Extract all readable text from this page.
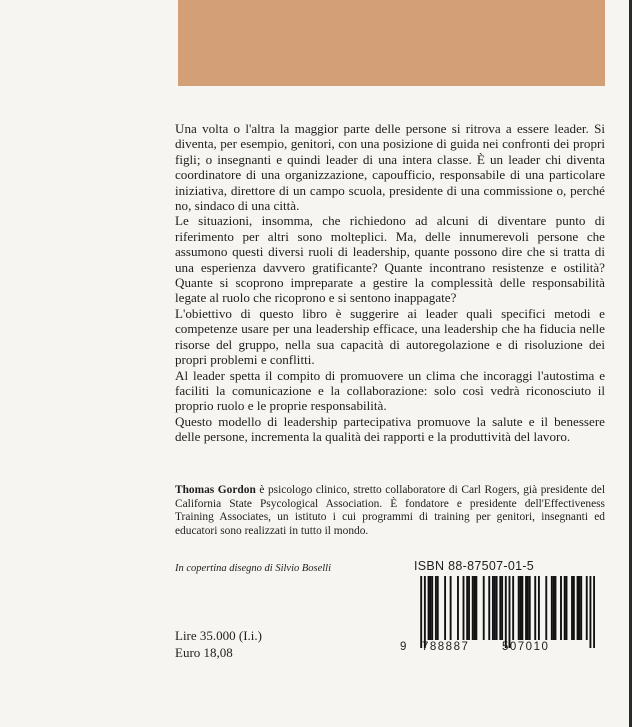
Una volta o l'altra la maggior parte delle persone si ritrova a essere leader. Si diventa, per esempio, genitori, con una posizione di guida nei confronti dei propri figli; o insegnanti e quindi leader di una intera classe. È un leader chi diventa coordinatore di una organizzazione, capoufficio, responsabile di una particolare iniziativa, direttore di un campo scuola, presidente di una commissione o, perché no, sindaco di una città.

Le situazioni, insomma, che richiedono ad alcuni di diventare punto di riferimento per altri sono molteplici. Ma, delle innumerevoli persone che assumono questi diversi ruoli di leadership, quante possono dire che si tratta di una esperienza davvero gratificante? Quante incontrano resistenze e ostilità? Quante si scoprono impreparate a gestire la complessità delle responsabilità legate al ruolo che ricoprono e si sentono inappagate?

L'obiettivo di questo libro è suggerire ai leader quali specifici metodi e competenze usare per una leadership efficace, una leadership che ha fiducia nelle risorse del gruppo, nella sua capacità di autoregolazione e di risoluzione dei propri problemi e conflitti.

Al leader spetta il compito di promuovere un clima che incoraggi l'autostima e faciliti la comunicazione e la collaborazione: solo così vedrà riconosciuto il proprio ruolo e le proprie responsabilità.

Questo modello di leadership partecipativa promuove la salute e il benessere delle persone, incrementa la qualità dei rapporti e la produttività del lavoro.

Thomas Gordon è psicologo clinico, stretto collaboratore di Carl Rogers, già presidente del California State Psycological Association. È fondatore e presidente dell'Effectiveness Training Associates, un istituto i cui programmi di training per genitori, insegnanti ed educatori sono realizzati in tutto il mondo.
In copertina disegno di Silvio Boselli
Lire 35.000 (I.i.)
Euro 18,08
ISBN 88-87507-01-5
9	788887	507010
